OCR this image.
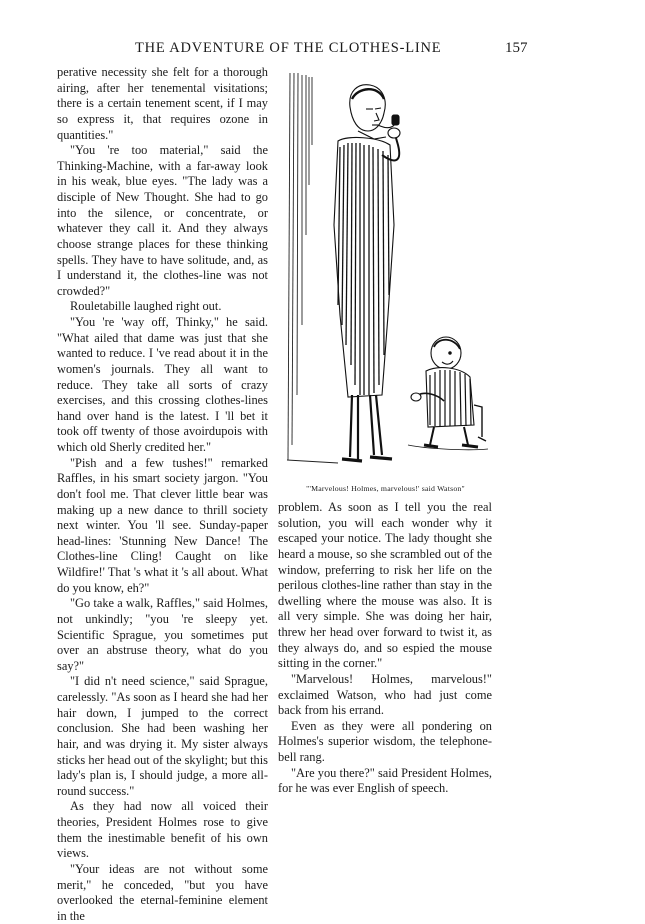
THE ADVENTURE OF THE CLOTHES-LINE	157

perative necessity she felt for a thorough airing, after her tenemental visitations; there is a certain tenement scent, if I may so express it, that requires ozone in quantities."

"You 're too material," said the Thinking-Machine, with a far-away look in his weak, blue eyes. "The lady was a disciple of New Thought. She had to go into the silence, or concentrate, or whatever they call it. And they always choose strange places for these thinking spells. They have to have solitude, and, as I understand it, the clothes-line was not crowded?"

Rouletabille laughed right out.

"You 're 'way off, Thinky," he said. "What ailed that dame was just that she wanted to reduce. I 've read about it in the women's journals. They all want to reduce. They take all sorts of crazy exercises, and this crossing clothes-lines hand over hand is the latest. I 'll bet it took off twenty of those avoirdupois with which old Sherly credited her."

"Pish and a few tushes!" remarked Raffles, in his smart society jargon. "You don't fool me. That clever little bear was making up a new dance to thrill society next winter. You 'll see. Sunday-paper head-lines: 'Stunning New Dance! The Clothes-line Cling! Caught on like Wildfire!' That 's what it 's all about. What do you know, eh?"

"Go take a walk, Raffles," said Holmes, not unkindly; "you 're sleepy yet. Scientific Sprague, you sometimes put over an abstruse theory, what do you say?"

"I did n't need science," said Sprague, carelessly. "As soon as I heard she had her hair down, I jumped to the correct conclusion. She had been washing her hair, and was drying it. My sister always sticks her head out of the skylight; but this lady's plan is, I should judge, a more all-round success."

As they had now all voiced their theories, President Holmes rose to give them the inestimable benefit of his own views.

"Your ideas are not without some merit," he conceded, "but you have overlooked the eternal-feminine element in the

"'Marvelous! Holmes, marvelous!' said Watson"

problem. As soon as I tell you the real solution, you will each wonder why it escaped your notice. The lady thought she heard a mouse, so she scrambled out of the window, preferring to risk her life on the perilous clothes-line rather than stay in the dwelling where the mouse was also. It is all very simple. She was doing her hair, threw her head over forward to twist it, as they always do, and so espied the mouse sitting in the corner."

"Marvelous! Holmes, marvelous!" exclaimed Watson, who had just come back from his errand.

Even as they were all pondering on Holmes's superior wisdom, the telephone-bell rang.

"Are you there?" said President Holmes, for he was ever English of speech.
